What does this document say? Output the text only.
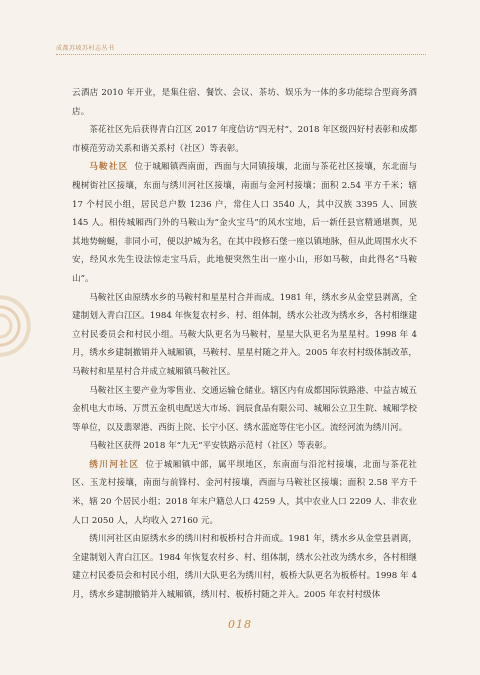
成都苏坡苏村志丛书

云酒店 2010 年开业，是集住宿、餐饮、会议、茶坊、娱乐为一体的多功能综合型商务酒店。

茶花社区先后获得青白江区 2017 年度信访“四无村”、2018 年区级四好村表彰和成都市模范劳动关系和谐关系村（社区）等表彰。

马鞍社区 位于城厢镇西南面，西面与大同镇接壤，北面与茶花社区接壤，东北面与槐树街社区接壤，东面与绣川河社区接壤，南面与金河村接壤；面积 2.54 平方千米；辖 17 个村民小组，居民总户数 1236 户，常住人口 3540 人，其中汉族 3395 人、回族 145 人。相传城厢西门外的马鞍山为“金火宝马”的风水宝地，后一新任县官精通堪舆，见其地势蜿蜒，非同小可，便以护城为名，在其中段修石堡一座以镇地脉，但从此周围水火不安，经风水先生设法惊走宝马后，此地便突然生出一座小山，形如马鞍，由此得名“马鞍山”。

马鞍社区由原绣水乡的马鞍村和星星村合并而成。1981 年，绣水乡从金堂县剥离，全建制划入青白江区。1984 年恢复农村乡、村、组体制，绣水公社改为绣水乡，各村相继建立村民委员会和村民小组。马鞍大队更名为马鞍村，星星大队更名为星星村。1998 年 4 月，绣水乡建制撤销并入城厢镇，马鞍村、星星村随之并入。2005 年农村村级体制改革，马鞍村和星星村合并成立城厢镇马鞍社区。

马鞍社区主要产业为零售业、交通运输仓储业。辖区内有成都国际铁路港、中益吉城五金机电大市场、万贯五金机电配送大市场、润辰食品有限公司、城厢公立卫生院、城厢学校等单位，以及翡翠港、西街上院、长宁小区、绣水蓝庭等住宅小区。流经河流为绣川河。

马鞍社区获得 2018 年“九无”平安铁路示范村（社区）等表彰。

绣川河社区 位于城厢镇中部，属平坝地区，东南面与沿沱村接壤，北面与茶花社区、玉龙村接壤，南面与前锋村、金河村接壤，西面与马鞍社区接壤；面积 2.58 平方千米，辖 20 个居民小组；2018 年末户籍总人口 4259 人，其中农业人口 2209 人、非农业人口 2050 人，人均收入 27160 元。

绣川河社区由原绣水乡的绣川村和板桥村合并而成。1981 年，绣水乡从金堂县剥离，全建制划入青白江区。1984 年恢复农村乡、村、组体制，绣水公社改为绣水乡，各村相继建立村民委员会和村民小组，绣川大队更名为绣川村，板桥大队更名为板桥村。1998 年 4 月，绣水乡建制撤销并入城厢镇，绣川村、板桥村随之并入。2005 年农村村级体

018
